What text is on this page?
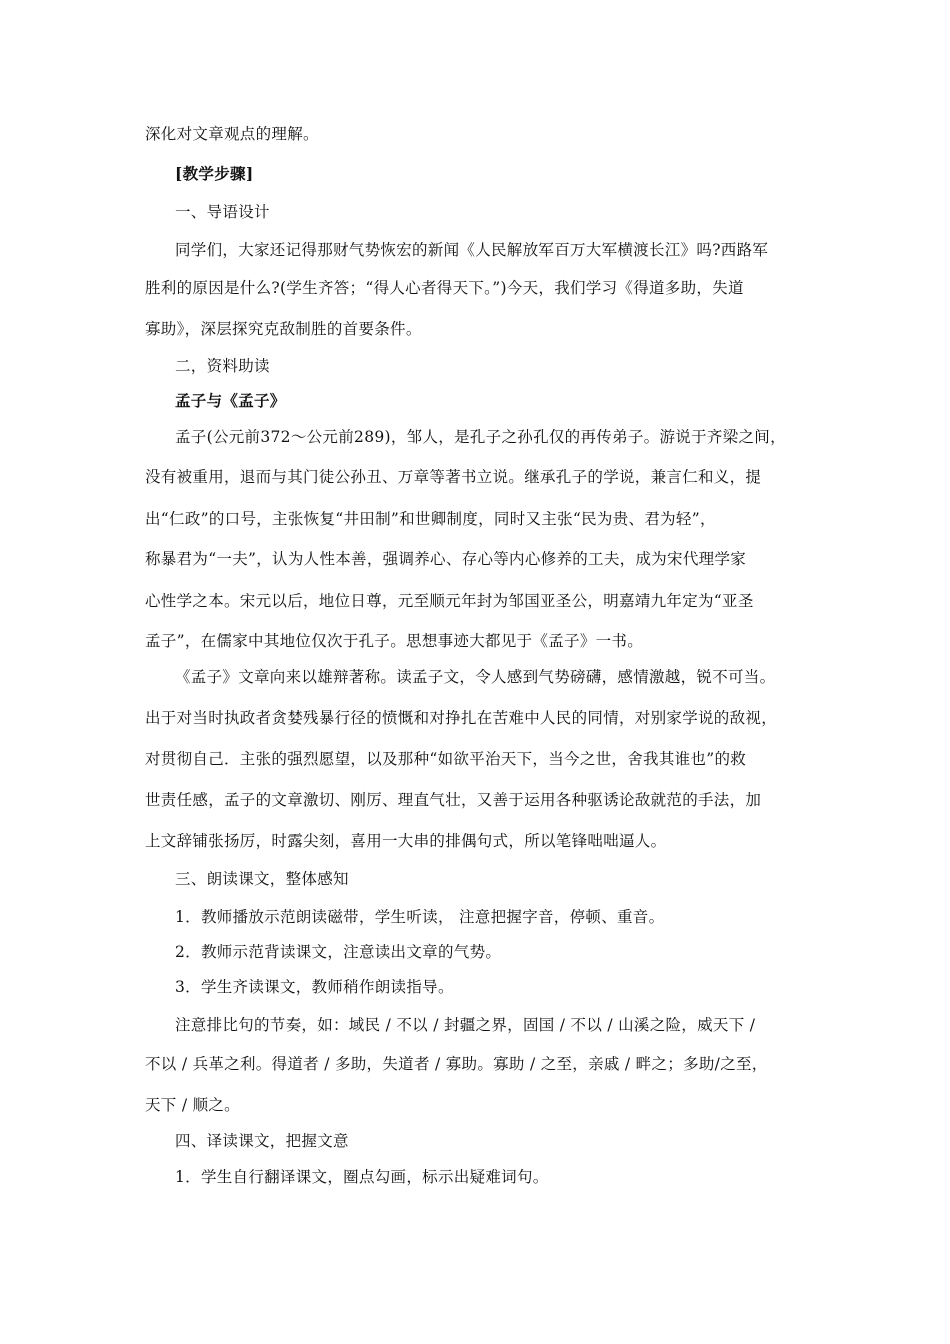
深化对文章观点的理解。
[教学步骤]
一、导语设计
同学们，大家还记得那财气势恢宏的新闻《人民解放军百万大军横渡长江》吗?西路军
胜利的原因是什么?(学生齐答；“得人心者得天下。”)今天，我们学习《得道多助，失道
寡助》，深层探究克敌制胜的首要条件。
二，资料助读
孟子与《孟子》
孟子(公元前372～公元前289)，邹人，是孔子之孙孔仅的再传弟子。游说于齐梁之间，
没有被重用，退而与其门徒公孙丑、万章等著书立说。继承孔子的学说，兼言仁和义，提
出“仁政”的口号，主张恢复“井田制”和世卿制度，同时又主张“民为贵、君为轻”，
称暴君为“一夫”，认为人性本善，强调养心、存心等内心修养的工夫，成为宋代理学家
心性学之本。宋元以后，地位日尊，元至顺元年封为邹国亚圣公，明嘉靖九年定为“亚圣
孟子”，在儒家中其地位仅次于孔子。思想事迹大都见于《孟子》一书。
《孟子》文章向来以雄辩著称。读孟子文，令人感到气势磅礴，感情激越，锐不可当。
出于对当时执政者贪婪残暴行径的愤慨和对挣扎在苦难中人民的同情，对别家学说的敌视，
对贯彻自己．主张的强烈愿望，以及那种“如欲平治天下，当今之世，舍我其谁也”的救
世责任感，孟子的文章激切、刚厉、理直气壮，又善于运用各种驱诱论敌就范的手法，加
上文辞铺张扬厉，时露尖刻，喜用一大串的排偶句式，所以笔锋咄咄逼人。
三、朗读课文，整体感知
1．教师播放示范朗读磁带，学生听读， 注意把握字音，停顿、重音。
2．教师示范背读课文，注意读出文章的气势。
3．学生齐读课文，教师稍作朗读指导。
注意排比句的节奏，如：域民 / 不以 / 封疆之界，固国 / 不以 / 山溪之险，威天下 /
不以 / 兵革之利。得道者 / 多助，失道者 / 寡助。寡助 / 之至，亲戚 / 畔之；多助/之至，
天下 / 顺之。
四、译读课文，把握文意
1．学生自行翻译课文，圈点勾画，标示出疑难词句。
